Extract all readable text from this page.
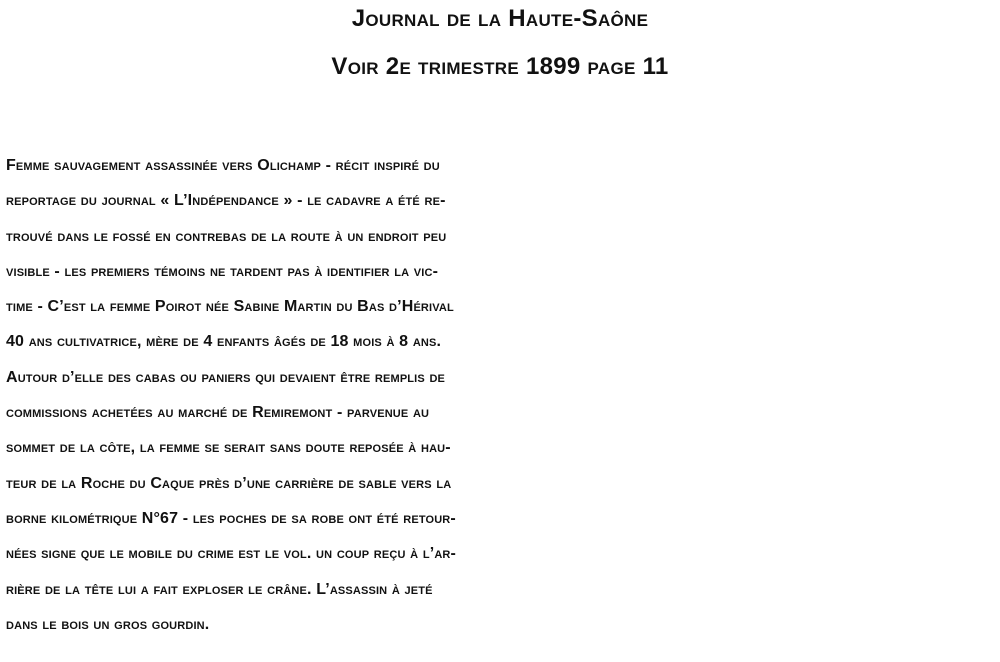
Journal de la Haute-Saône
Voir 2e trimestre 1899 page 11
Femme sauvagement assassinée vers Olichamp - récit inspiré du
reportage du journal « L’Indépendance » - le cadavre a été re-
trouvé dans le fossé en contrebas de la route à un endroit peu
visible - les premiers témoins ne tardent pas à identifier la vic-
time - C’est la femme Poirot née Sabine Martin du Bas d’Hérival
40 ans cultivatrice, mère de 4 enfants âgés de 18 mois à 8 ans.
Autour d’elle des cabas ou paniers qui devaient être remplis de
commissions achetées au marché de Remiremont - parvenue au
sommet de la côte, la femme se serait sans doute reposée à hau-
teur de la Roche du Caque près d’une carrière de sable vers la
borne kilométrique N°67 - les poches de sa robe ont été retour-
nées signe que le mobile du crime est le vol. un coup reçu à l’ar-
rière de la tête lui a fait exploser le crâne. L’assassin à jeté
dans le bois un gros gourdin.
